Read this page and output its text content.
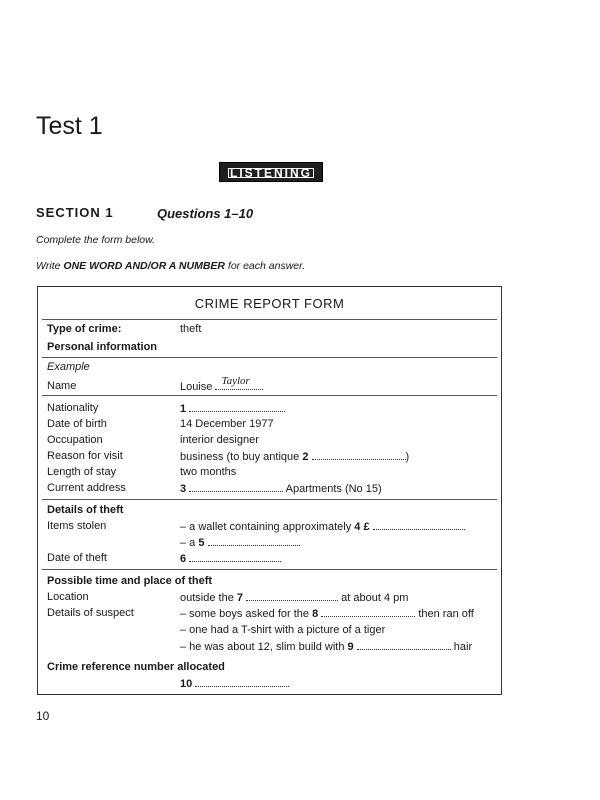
Test 1
LISTENING
SECTION 1	Questions 1–10
Complete the form below.
Write ONE WORD AND/OR A NUMBER for each answer.
CRIME REPORT FORM
Type of crime:	theft
Personal information
Example
Name	Louise Taylor
Nationality	1
Date of birth	14 December 1977
Occupation	interior designer
Reason for visit	business (to buy antique 2	)
Length of stay	two months
Current address	3	Apartments (No 15)
Details of theft
Items stolen	– a wallet containing approximately 4 £
– a 5
Date of theft	6
Possible time and place of theft
Location	outside the 7	at about 4 pm
Details of suspect	– some boys asked for the 8	then ran off
– one had a T-shirt with a picture of a tiger
– he was about 12, slim build with 9	hair
Crime reference number allocated
10
10
